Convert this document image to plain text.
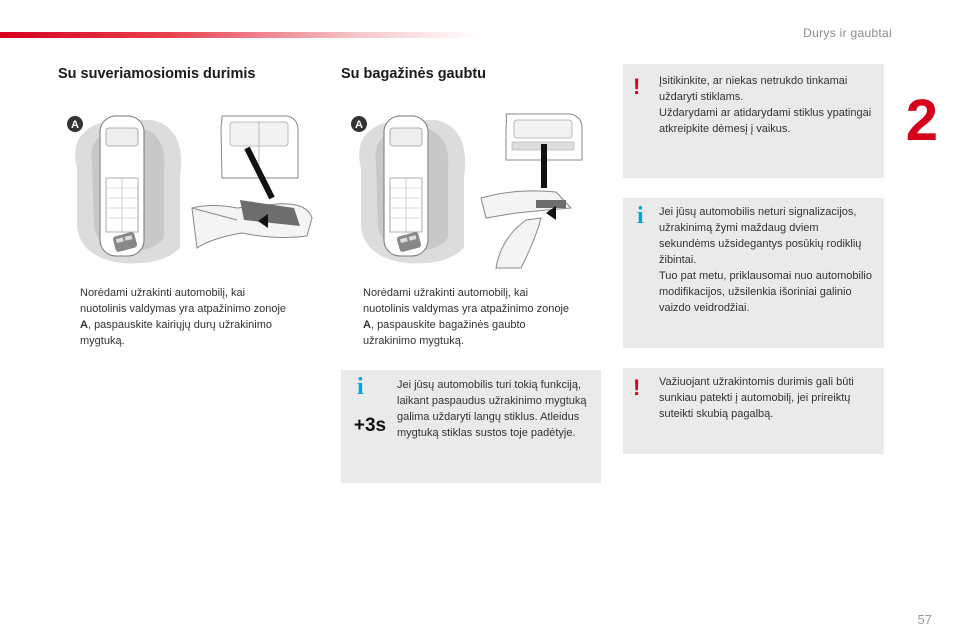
Durys ir gaubtai
2
57
Su suveriamosiomis durimis	Su bagažinės gaubtu
A	A
Norėdami užrakinti automobilį, kai nuotolinis valdymas yra atpažinimo zonoje A, paspauskite kairiųjų durų užrakinimo mygtuką.
Norėdami užrakinti automobilį, kai nuotolinis valdymas yra atpažinimo zonoje A, paspauskite bagažinės gaubto užrakinimo mygtuką.
i
+3s
Jei jūsų automobilis turi tokią funkciją, laikant paspaudus užrakinimo mygtuką galima uždaryti langų stiklus. Atleidus mygtuką stiklas sustos toje padėtyje.
! Įsitikinkite, ar niekas netrukdo tinkamai uždaryti stiklams.
Uždarydami ar atidarydami stiklus ypatingai atkreipkite dėmesį į vaikus.
i Jei jūsų automobilis neturi signalizacijos, užrakinimą žymi maždaug dviem sekundėms užsidegantys posūkių rodiklių žibintai.
Tuo pat metu, priklausomai nuo automobilio modifikacijos, užsilenkia išoriniai galinio vaizdo veidrodžiai.
! Važiuojant užrakintomis durimis gali būti sunkiau patekti į automobilį, jei prireiktų suteikti skubią pagalbą.
